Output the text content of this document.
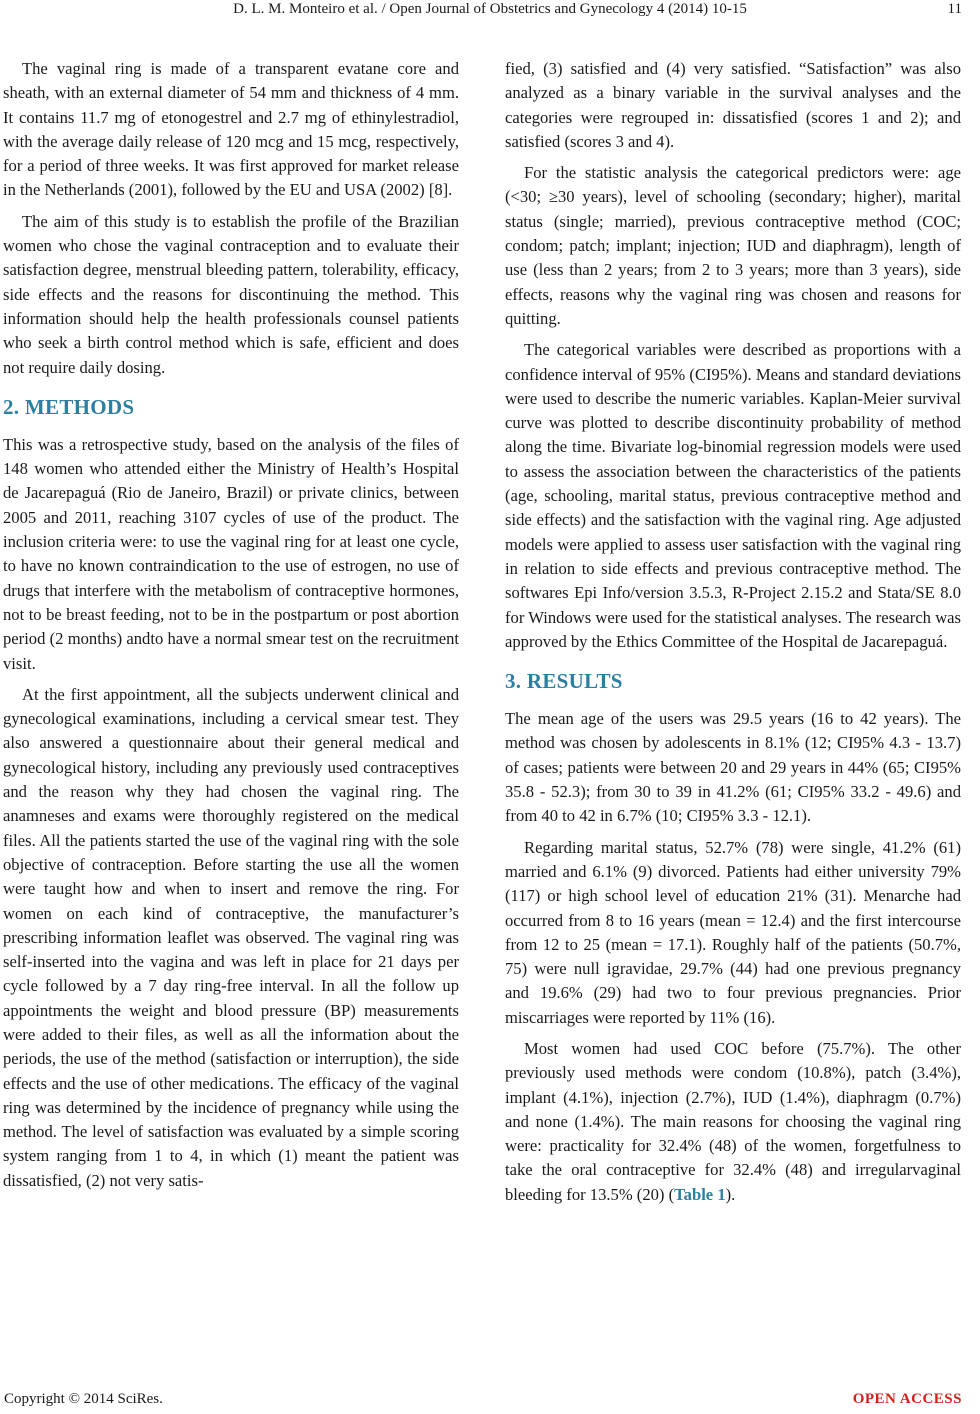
D. L. M. Monteiro et al. / Open Journal of Obstetrics and Gynecology 4 (2014) 10-15	11

The vaginal ring is made of a transparent evatane core and sheath, with an external diameter of 54 mm and thickness of 4 mm. It contains 11.7 mg of etonogestrel and 2.7 mg of ethinylestradiol, with the average daily release of 120 mcg and 15 mcg, respectively, for a period of three weeks. It was first approved for market release in the Netherlands (2001), followed by the EU and USA (2002) [8].

The aim of this study is to establish the profile of the Brazilian women who chose the vaginal contraception and to evaluate their satisfaction degree, menstrual bleeding pattern, tolerability, efficacy, side effects and the reasons for discontinuing the method. This information should help the health professionals counsel patients who seek a birth control method which is safe, efficient and does not require daily dosing.

2. METHODS

This was a retrospective study, based on the analysis of the files of 148 women who attended either the Ministry of Health’s Hospital de Jacarepaguá (Rio de Janeiro, Brazil) or private clinics, between 2005 and 2011, reaching 3107 cycles of use of the product. The inclusion criteria were: to use the vaginal ring for at least one cycle, to have no known contraindication to the use of estrogen, no use of drugs that interfere with the metabolism of contraceptive hormones, not to be breast feeding, not to be in the postpartum or post abortion period (2 months) andto have a normal smear test on the recruitment visit.

At the first appointment, all the subjects underwent clinical and gynecological examinations, including a cervical smear test. They also answered a questionnaire about their general medical and gynecological history, including any previously used contraceptives and the reason why they had chosen the vaginal ring. The anamneses and exams were thoroughly registered on the medical files. All the patients started the use of the vaginal ring with the sole objective of contraception. Before starting the use all the women were taught how and when to insert and remove the ring. For women on each kind of contraceptive, the manufacturer’s prescribing information leaflet was observed. The vaginal ring was self-inserted into the vagina and was left in place for 21 days per cycle followed by a 7 day ring-free interval. In all the follow up appointments the weight and blood pressure (BP) measurements were added to their files, as well as all the information about the periods, the use of the method (satisfaction or interruption), the side effects and the use of other medications. The efficacy of the vaginal ring was determined by the incidence of pregnancy while using the method. The level of satisfaction was evaluated by a simple scoring system ranging from 1 to 4, in which (1) meant the patient was dissatisfied, (2) not very satis-

fied, (3) satisfied and (4) very satisfied. “Satisfaction” was also analyzed as a binary variable in the survival analyses and the categories were regrouped in: dissatisfied (scores 1 and 2); and satisfied (scores 3 and 4).

For the statistic analysis the categorical predictors were: age (<30; ≥30 years), level of schooling (secondary; higher), marital status (single; married), previous contraceptive method (COC; condom; patch; implant; injection; IUD and diaphragm), length of use (less than 2 years; from 2 to 3 years; more than 3 years), side effects, reasons why the vaginal ring was chosen and reasons for quitting.

The categorical variables were described as proportions with a confidence interval of 95% (CI95%). Means and standard deviations were used to describe the numeric variables. Kaplan-Meier survival curve was plotted to describe discontinuity probability of method along the time. Bivariate log-binomial regression models were used to assess the association between the characteristics of the patients (age, schooling, marital status, previous contraceptive method and side effects) and the satisfaction with the vaginal ring. Age adjusted models were applied to assess user satisfaction with the vaginal ring in relation to side effects and previous contraceptive method. The softwares Epi Info/version 3.5.3, R-Project 2.15.2 and Stata/SE 8.0 for Windows were used for the statistical analyses. The research was approved by the Ethics Committee of the Hospital de Jacarepaguá.

3. RESULTS

The mean age of the users was 29.5 years (16 to 42 years). The method was chosen by adolescents in 8.1% (12; CI95% 4.3 - 13.7) of cases; patients were between 20 and 29 years in 44% (65; CI95% 35.8 - 52.3); from 30 to 39 in 41.2% (61; CI95% 33.2 - 49.6) and from 40 to 42 in 6.7% (10; CI95% 3.3 - 12.1).

Regarding marital status, 52.7% (78) were single, 41.2% (61) married and 6.1% (9) divorced. Patients had either university 79% (117) or high school level of education 21% (31). Menarche had occurred from 8 to 16 years (mean = 12.4) and the first intercourse from 12 to 25 (mean = 17.1). Roughly half of the patients (50.7%, 75) were null igravidae, 29.7% (44) had one previous pregnancy and 19.6% (29) had two to four previous pregnancies. Prior miscarriages were reported by 11% (16).

Most women had used COC before (75.7%). The other previously used methods were condom (10.8%), patch (3.4%), implant (4.1%), injection (2.7%), IUD (1.4%), diaphragm (0.7%) and none (1.4%). The main reasons for choosing the vaginal ring were: practicality for 32.4% (48) of the women, forgetfulness to take the oral contraceptive for 32.4% (48) and irregularvaginal bleeding for 13.5% (20) (Table 1).

Copyright © 2014 SciRes.	OPEN ACCESS
